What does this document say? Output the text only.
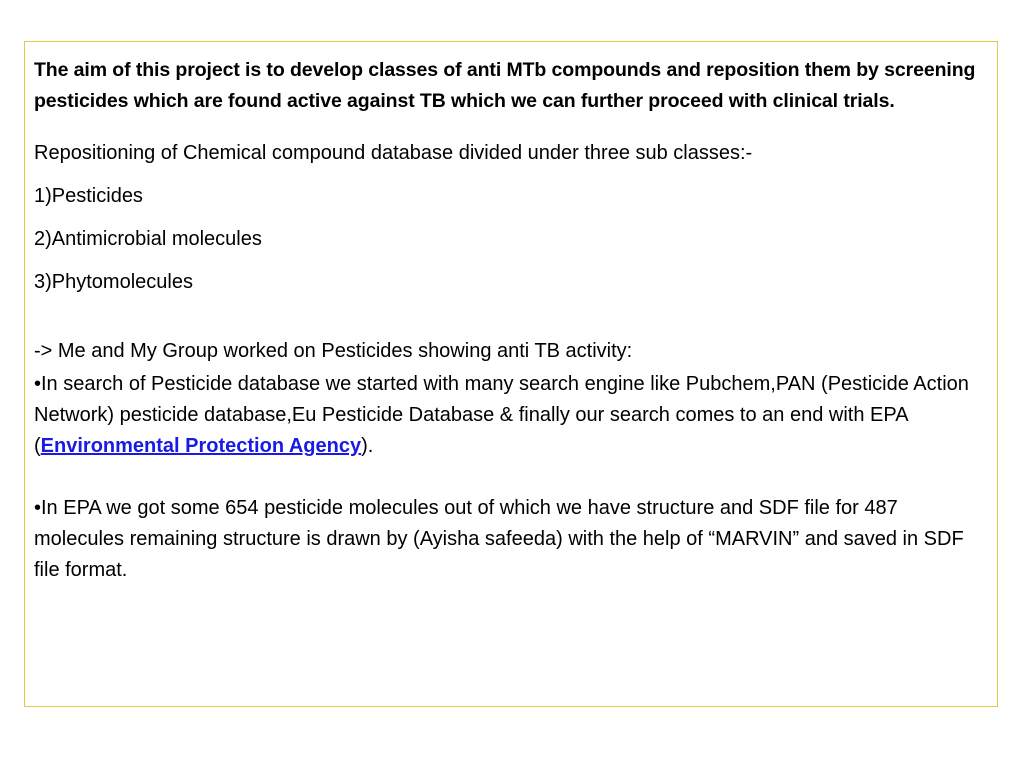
The aim of this project is to develop classes of anti MTb compounds and reposition them by screening pesticides which are found active against TB which we can further proceed with clinical trials.

Repositioning of Chemical compound database divided under three sub classes:-

1)Pesticides

2)Antimicrobial molecules

3)Phytomolecules

-> Me and My Group worked on Pesticides showing anti TB activity:

•In search of Pesticide database we started with many search engine like Pubchem,PAN (Pesticide Action Network) pesticide database,Eu Pesticide Database & finally our search comes to an end with EPA (Environmental Protection Agency).

•In EPA we got some 654 pesticide molecules out of which we have structure and SDF file for 487 molecules remaining structure is drawn by (Ayisha safeeda) with the help of “MARVIN” and saved in SDF file format.
